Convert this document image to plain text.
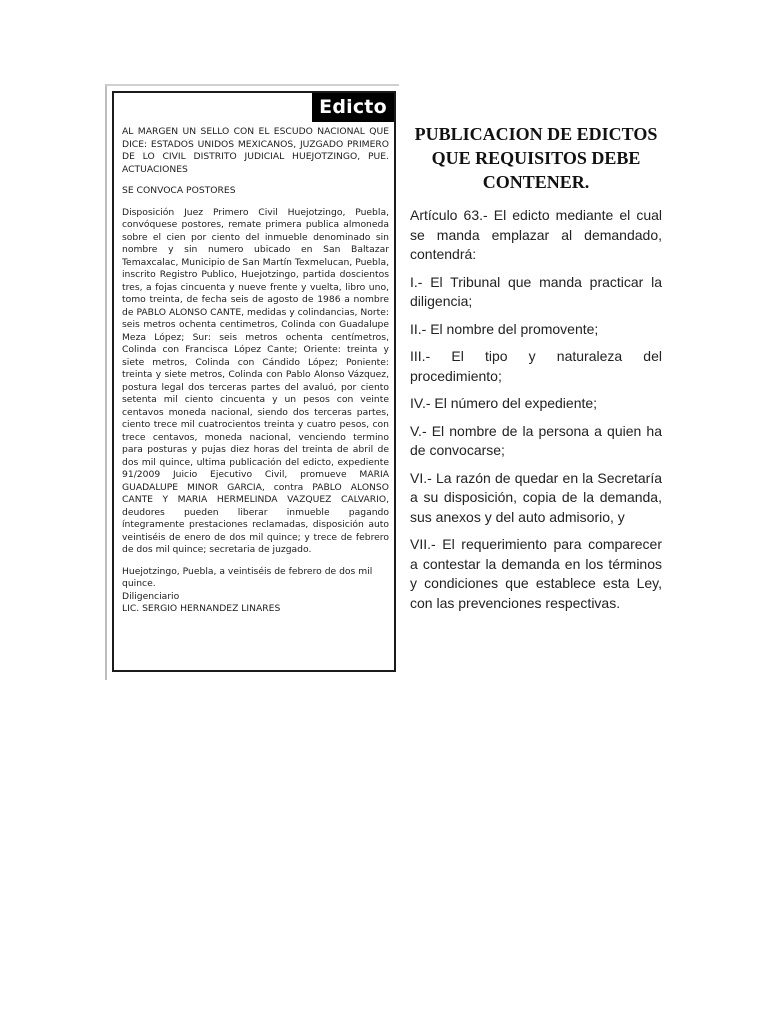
Edicto

AL MARGEN UN SELLO CON EL ESCUDO NACIONAL QUE DICE: ESTADOS UNIDOS MEXICANOS, JUZGADO PRIMERO DE LO CIVIL DISTRITO JUDICIAL HUEJOTZINGO, PUE. ACTUACIONES

SE CONVOCA POSTORES

Disposición Juez Primero Civil Huejotzingo, Puebla, convóquese postores, remate primera publica almoneda sobre el cien por ciento del inmueble denominado sin nombre y sin numero ubicado en San Baltazar Temaxcalac, Municipio de San Martín Texmelucan, Puebla, inscrito Registro Publico, Huejotzingo, partida doscientos tres, a fojas cincuenta y nueve frente y vuelta, libro uno, tomo treinta, de fecha seis de agosto de 1986 a nombre de PABLO ALONSO CANTE, medidas y colindancias, Norte: seis metros ochenta centimetros, Colinda con Guadalupe Meza López; Sur: seis metros ochenta centímetros, Colinda con Francisca López Cante; Oriente: treinta y siete metros, Colinda con Cándido López; Poniente: treinta y siete metros, Colinda con Pablo Alonso Vázquez, postura legal dos terceras partes del avaluó, por ciento setenta mil ciento cincuenta y un pesos con veinte centavos moneda nacional, siendo dos terceras partes, ciento trece mil cuatrocientos treinta y cuatro pesos, con trece centavos, moneda nacional, venciendo termino para posturas y pujas diez horas del treinta de abril de dos mil quince, ultima publicación del edicto, expediente 91/2009 Juicio Ejecutivo Civil, promueve MARIA GUADALUPE MINOR GARCIA, contra PABLO ALONSO CANTE Y MARIA HERMELINDA VAZQUEZ CALVARIO, deudores pueden liberar inmueble pagando íntegramente prestaciones reclamadas, disposición auto veintiséis de enero de dos mil quince; y trece de febrero de dos mil quince; secretaria de juzgado.

Huejotzingo, Puebla, a veintiséis de febrero de dos mil quince.

Diligenciario

LIC. SERGIO HERNANDEZ LINARES

PUBLICACION DE EDICTOS QUE REQUISITOS DEBE CONTENER.

Artículo 63.- El edicto mediante el cual se manda emplazar al demandado, contendrá:

I.- El Tribunal que manda practicar la diligencia;

II.- El nombre del promovente;

III.- El tipo y naturaleza del procedimiento;

IV.- El número del expediente;

V.- El nombre de la persona a quien ha de convocarse;

VI.- La razón de quedar en la Secretaría a su disposición, copia de la demanda, sus anexos y del auto admisorio, y

VII.- El requerimiento para comparecer a contestar la demanda en los términos y condiciones que establece esta Ley, con las prevenciones respectivas.
